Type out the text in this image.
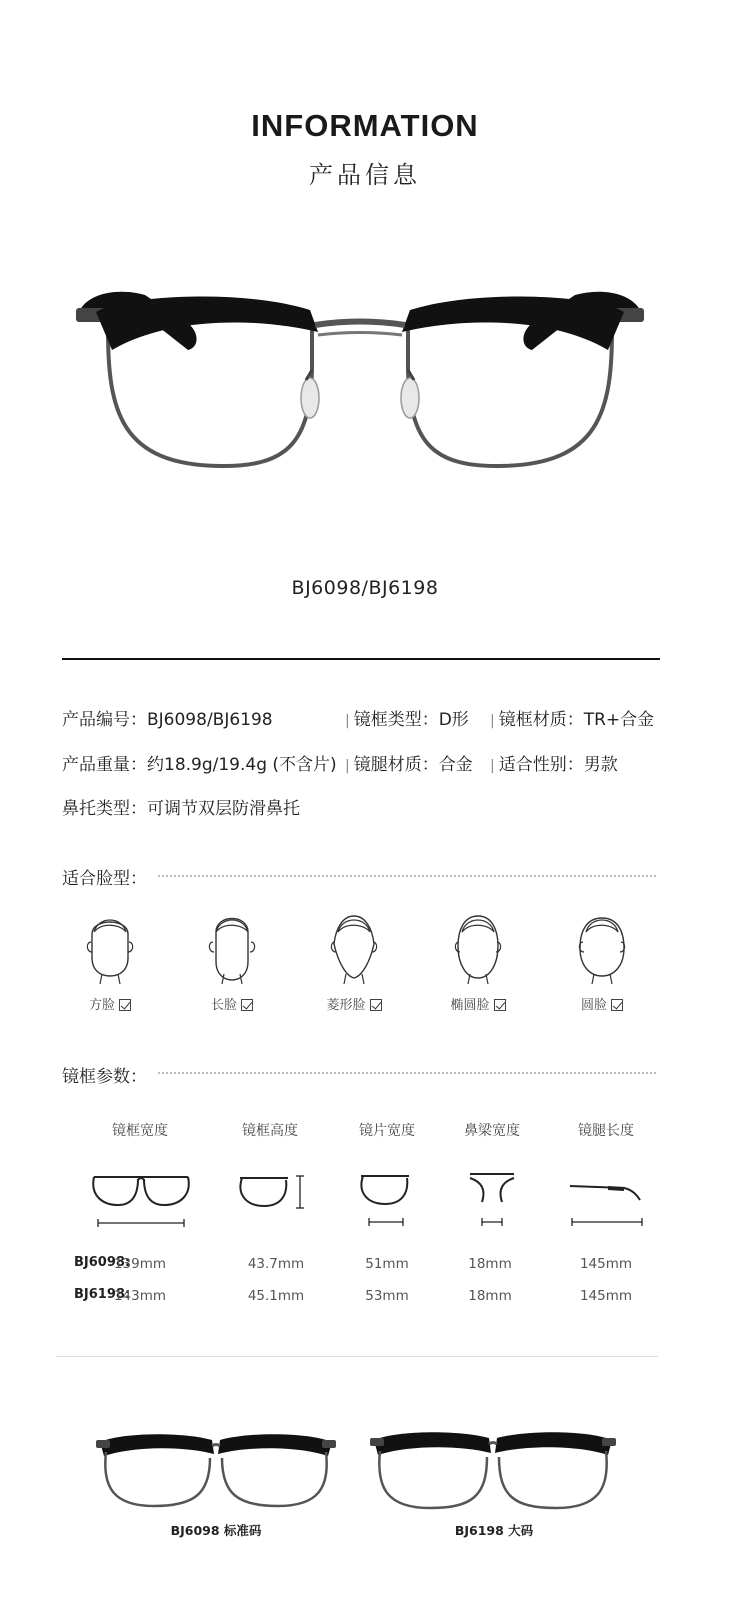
INFORMATION
产品信息
BJ6098/BJ6198
产品编号：BJ6098/BJ6198	| 镜框类型：D形 | 镜框材质：TR+合金
产品重量：约18.9g/19.4g (不含片) | 镜腿材质：合金 | 适合性别：男款
鼻托类型：可调节双层防滑鼻托
适合脸型：
方脸	长脸	菱形脸	椭圆脸	圆脸
镜框参数：
镜框宽度	镜框高度	镜片宽度	鼻梁宽度	镜腿长度
BJ6098:
139mm	43.7mm	51mm	18mm	145mm
BJ6198:
143mm	45.1mm	53mm	18mm	145mm
BJ6098 标准码	BJ6198 大码
